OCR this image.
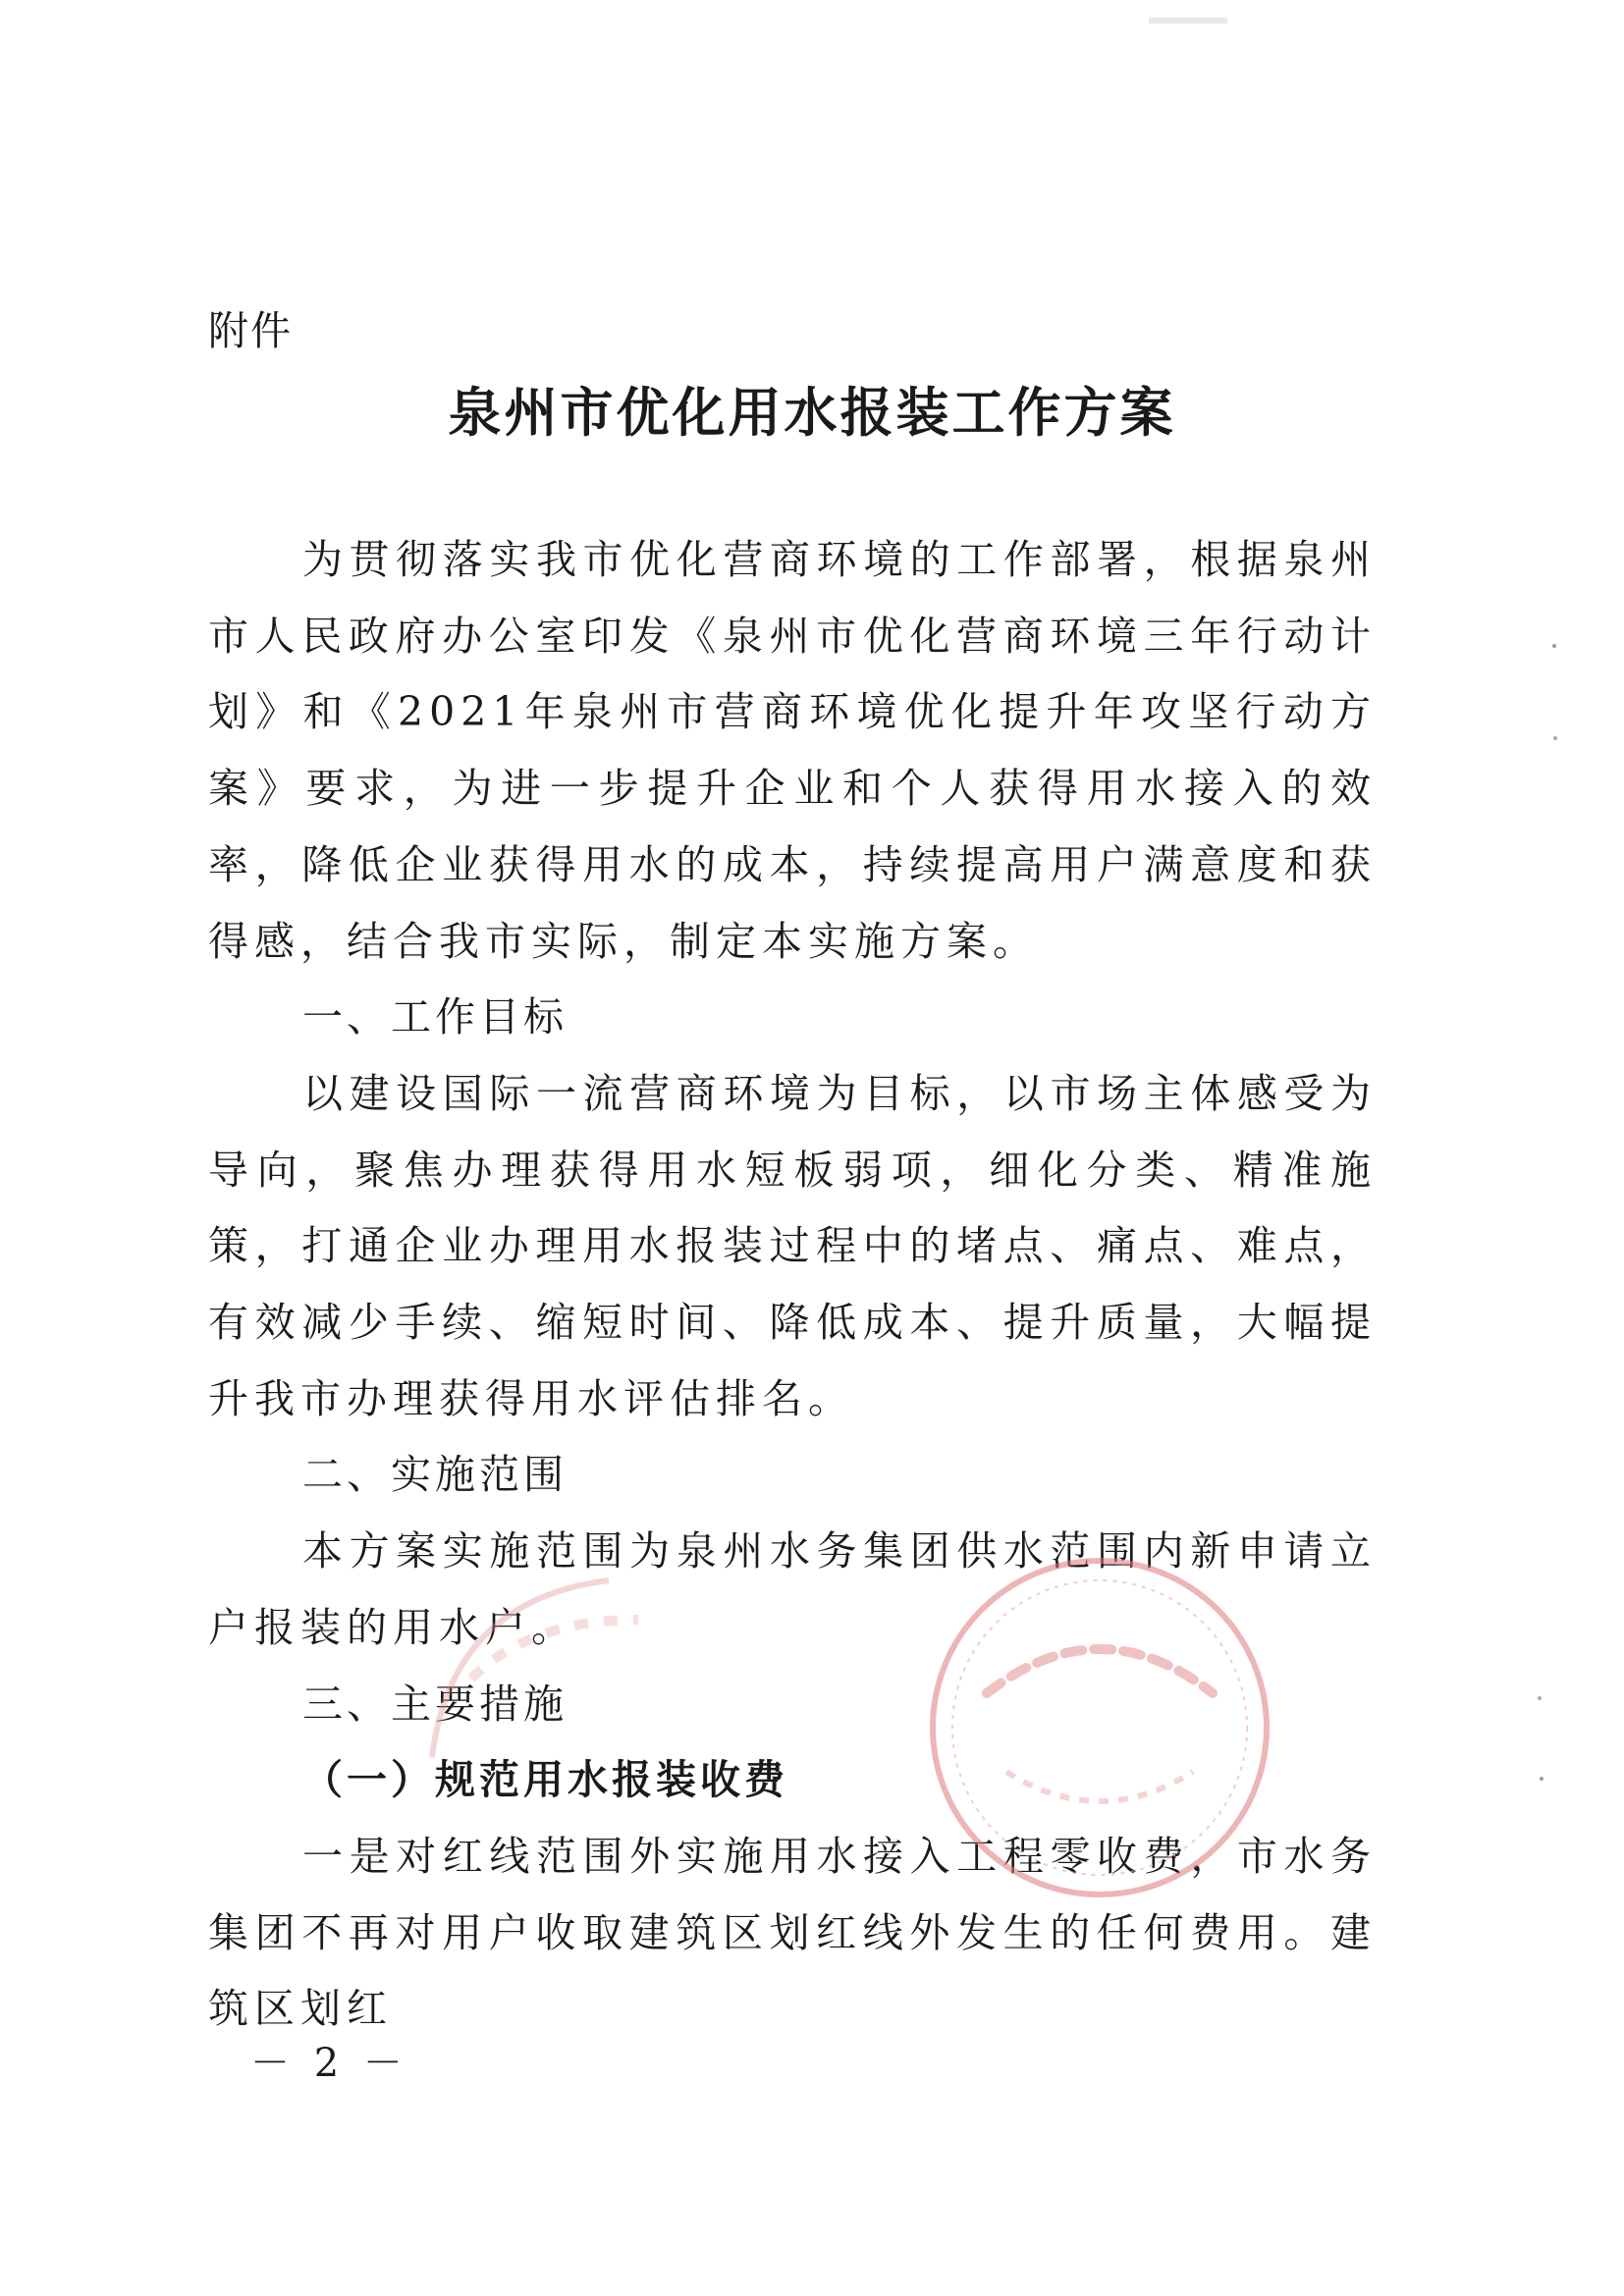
附件
泉州市优化用水报装工作方案

为贯彻落实我市优化营商环境的工作部署，根据泉州市人民政府办公室印发《泉州市优化营商环境三年行动计划》和《2021年泉州市营商环境优化提升年攻坚行动方案》要求，为进一步提升企业和个人获得用水接入的效率，降低企业获得用水的成本，持续提高用户满意度和获得感，结合我市实际，制定本实施方案。

一、工作目标

以建设国际一流营商环境为目标，以市场主体感受为导向，聚焦办理获得用水短板弱项，细化分类、精准施策，打通企业办理用水报装过程中的堵点、痛点、难点，有效减少手续、缩短时间、降低成本、提升质量，大幅提升我市办理获得用水评估排名。

二、实施范围

本方案实施范围为泉州水务集团供水范围内新申请立户报装的用水户。

三、主要措施
（一）规范用水报装收费

一是对红线范围外实施用水接入工程零收费，市水务集团不再对用户收取建筑区划红线外发生的任何费用。建筑区划红

－ 2 －
